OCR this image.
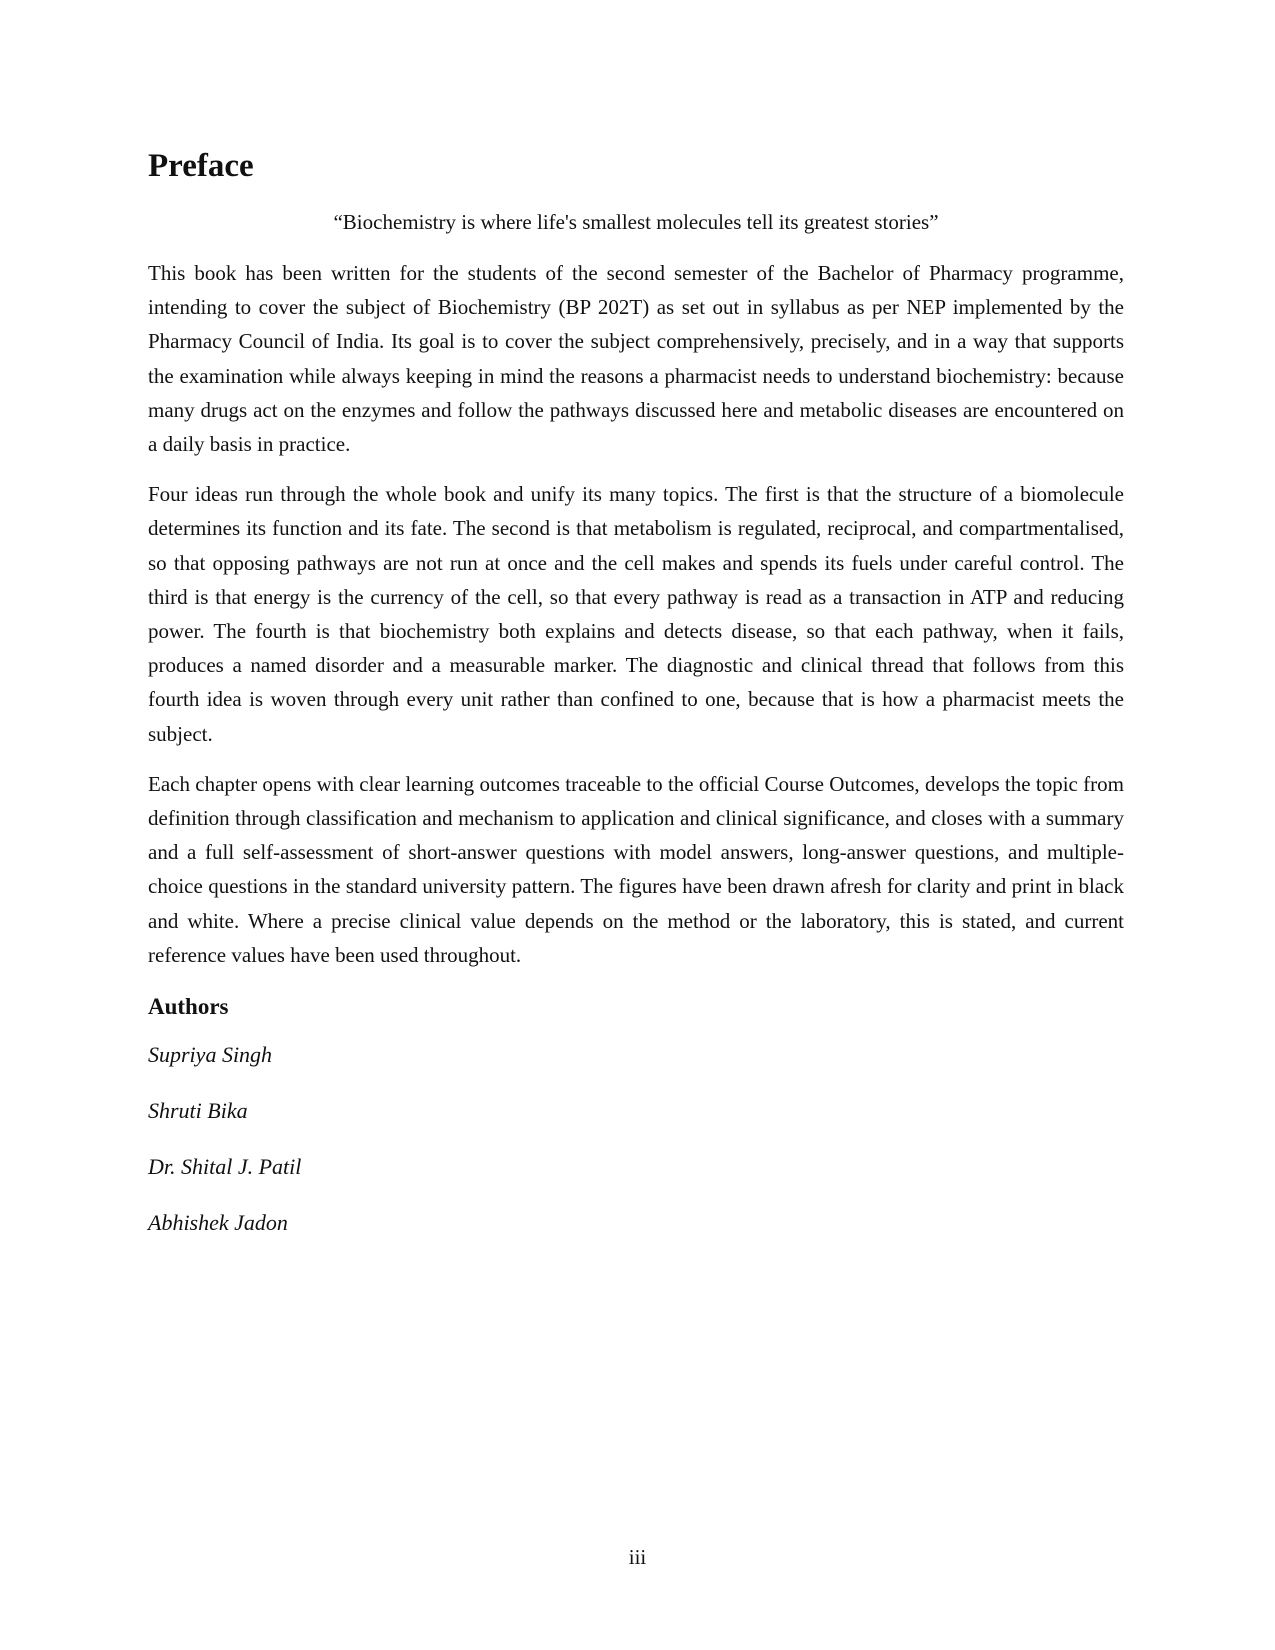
Preface

“Biochemistry is where life's smallest molecules tell its greatest stories”

This book has been written for the students of the second semester of the Bachelor of Pharmacy programme, intending to cover the subject of Biochemistry (BP 202T) as set out in syllabus as per NEP implemented by the Pharmacy Council of India. Its goal is to cover the subject comprehensively, precisely, and in a way that supports the examination while always keeping in mind the reasons a pharmacist needs to understand biochemistry: because many drugs act on the enzymes and follow the pathways discussed here and metabolic diseases are encountered on a daily basis in practice.

Four ideas run through the whole book and unify its many topics. The first is that the structure of a biomolecule determines its function and its fate. The second is that metabolism is regulated, reciprocal, and compartmentalised, so that opposing pathways are not run at once and the cell makes and spends its fuels under careful control. The third is that energy is the currency of the cell, so that every pathway is read as a transaction in ATP and reducing power. The fourth is that biochemistry both explains and detects disease, so that each pathway, when it fails, produces a named disorder and a measurable marker. The diagnostic and clinical thread that follows from this fourth idea is woven through every unit rather than confined to one, because that is how a pharmacist meets the subject.

Each chapter opens with clear learning outcomes traceable to the official Course Outcomes, develops the topic from definition through classification and mechanism to application and clinical significance, and closes with a summary and a full self-assessment of short-answer questions with model answers, long-answer questions, and multiple-choice questions in the standard university pattern. The figures have been drawn afresh for clarity and print in black and white. Where a precise clinical value depends on the method or the laboratory, this is stated, and current reference values have been used throughout.

Authors
Supriya Singh
Shruti Bika
Dr. Shital J. Patil
Abhishek Jadon
iii
